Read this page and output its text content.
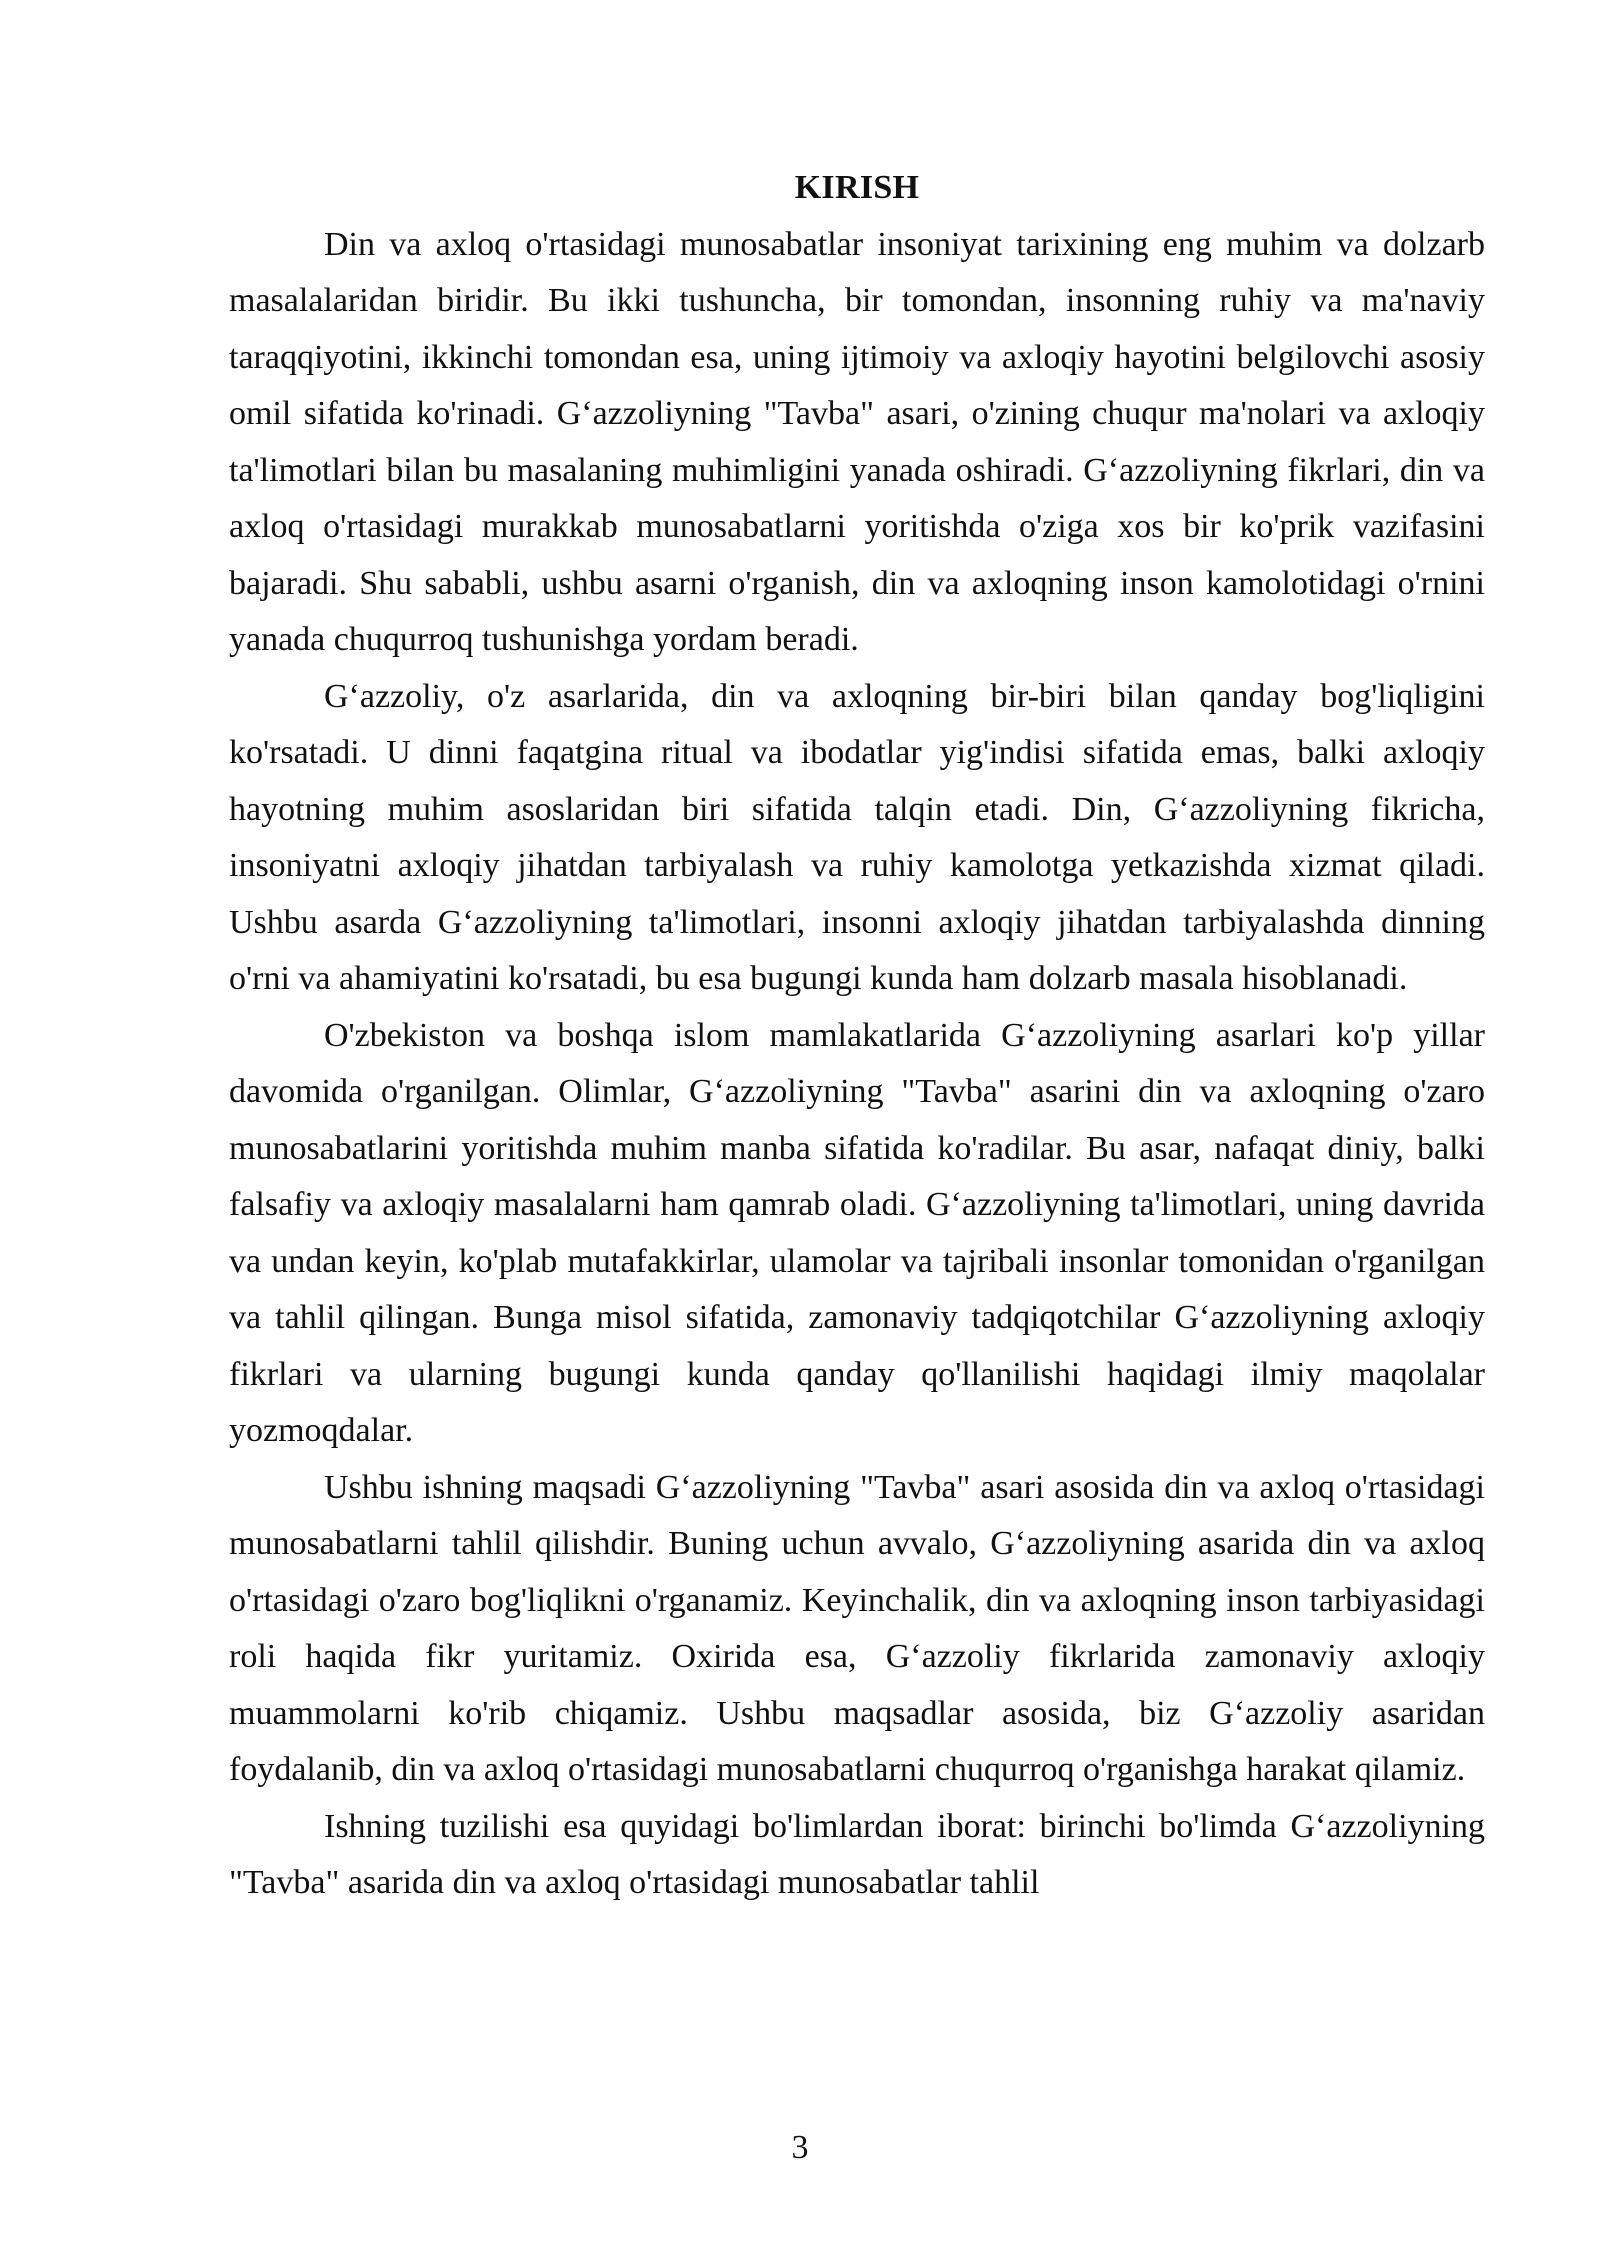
KIRISH

Din va axloq o'rtasidagi munosabatlar insoniyat tarixining eng muhim va dolzarb masalalaridan biridir. Bu ikki tushuncha, bir tomondan, insonning ruhiy va ma'naviy taraqqiyotini, ikkinchi tomondan esa, uning ijtimoiy va axloqiy hayotini belgilovchi asosiy omil sifatida ko'rinadi. G‘azzoliyning "Tavba" asari, o'zining chuqur ma'nolari va axloqiy ta'limotlari bilan bu masalaning muhimligini yanada oshiradi. G‘azzoliyning fikrlari, din va axloq o'rtasidagi murakkab munosabatlarni yoritishda o'ziga xos bir ko'prik vazifasini bajaradi. Shu sababli, ushbu asarni o'rganish, din va axloqning inson kamolotidagi o'rnini yanada chuqurroq tushunishga yordam beradi.

G‘azzoliy, o'z asarlarida, din va axloqning bir-biri bilan qanday bog'liqligini ko'rsatadi. U dinni faqatgina ritual va ibodatlar yig'indisi sifatida emas, balki axloqiy hayotning muhim asoslaridan biri sifatida talqin etadi. Din, G‘azzoliyning fikricha, insoniyatni axloqiy jihatdan tarbiyalash va ruhiy kamolotga yetkazishda xizmat qiladi. Ushbu asarda G‘azzoliyning ta'limotlari, insonni axloqiy jihatdan tarbiyalashda dinning o'rni va ahamiyatini ko'rsatadi, bu esa bugungi kunda ham dolzarb masala hisoblanadi.

O'zbekiston va boshqa islom mamlakatlarida G‘azzoliyning asarlari ko'p yillar davomida o'rganilgan. Olimlar, G‘azzoliyning "Tavba" asarini din va axloqning o'zaro munosabatlarini yoritishda muhim manba sifatida ko'radilar. Bu asar, nafaqat diniy, balki falsafiy va axloqiy masalalarni ham qamrab oladi. G‘azzoliyning ta'limotlari, uning davrida va undan keyin, ko'plab mutafakkirlar, ulamolar va tajribali insonlar tomonidan o'rganilgan va tahlil qilingan. Bunga misol sifatida, zamonaviy tadqiqotchilar G‘azzoliyning axloqiy fikrlari va ularning bugungi kunda qanday qo'llanilishi haqidagi ilmiy maqolalar yozmoqdalar.

Ushbu ishning maqsadi G‘azzoliyning "Tavba" asari asosida din va axloq o'rtasidagi munosabatlarni tahlil qilishdir. Buning uchun avvalo, G‘azzoliyning asarida din va axloq o'rtasidagi o'zaro bog'liqlikni o'rganamiz. Keyinchalik, din va axloqning inson tarbiyasidagi roli haqida fikr yuritamiz. Oxirida esa, G‘azzoliy fikrlarida zamonaviy axloqiy muammolarni ko'rib chiqamiz. Ushbu maqsadlar asosida, biz G‘azzoliy asaridan foydalanib, din va axloq o'rtasidagi munosabatlarni chuqurroq o'rganishga harakat qilamiz.

Ishning tuzilishi esa quyidagi bo'limlardan iborat: birinchi bo'limda G‘azzoliyning "Tavba" asarida din va axloq o'rtasidagi munosabatlar tahlil

3
